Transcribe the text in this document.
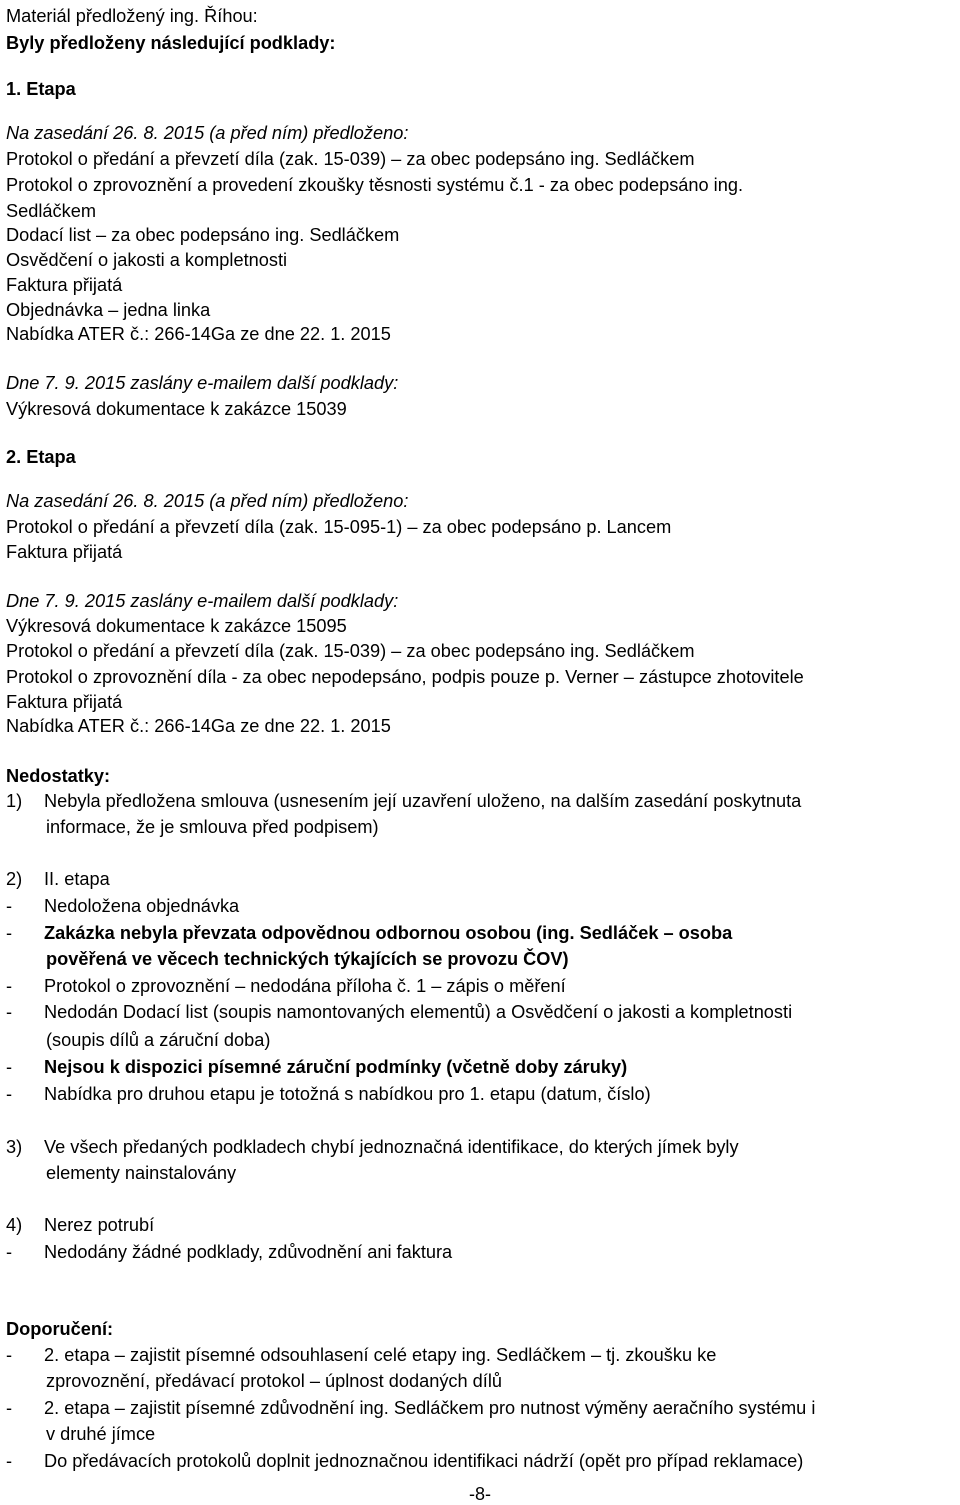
Materiál předložený ing. Říhou:
Byly předloženy následující podklady:
1. Etapa
Na zasedání 26. 8. 2015 (a před ním) předloženo:
Protokol o předání a převzetí díla (zak. 15-039) – za obec podepsáno ing. Sedláčkem
Protokol o zprovoznění a provedení zkoušky těsnosti systému č.1 - za obec podepsáno ing.
Sedláčkem
Dodací list – za obec podepsáno ing. Sedláčkem
Osvědčení o jakosti a kompletnosti
Faktura přijatá
Objednávka – jedna linka
Nabídka ATER č.: 266-14Ga ze dne 22. 1. 2015
Dne 7. 9. 2015 zaslány e-mailem další podklady:
Výkresová dokumentace k zakázce 15039
2. Etapa
Na zasedání 26. 8. 2015 (a před ním) předloženo:
Protokol o předání a převzetí díla (zak. 15-095-1) – za obec podepsáno p. Lancem
Faktura přijatá
Dne 7. 9. 2015 zaslány e-mailem další podklady:
Výkresová dokumentace k zakázce 15095
Protokol o předání a převzetí díla (zak. 15-039) – za obec podepsáno ing. Sedláčkem
Protokol o zprovoznění díla - za obec nepodepsáno, podpis pouze p. Verner – zástupce zhotovitele
Faktura přijatá
Nabídka ATER č.: 266-14Ga ze dne 22. 1. 2015
Nedostatky:
1) Nebyla předložena smlouva (usnesením její uzavření uloženo, na dalším zasedání poskytnuta
informace, že je smlouva před podpisem)
2) II. etapa
- Nedoložena objednávka
- Zakázka nebyla převzata odpovědnou odbornou osobou (ing. Sedláček – osoba
pověřená ve věcech technických týkajících se provozu ČOV)
- Protokol o zprovoznění – nedodána příloha č. 1 – zápis o měření
- Nedodán Dodací list (soupis namontovaných elementů) a Osvědčení o jakosti a kompletnosti
(soupis dílů a záruční doba)
- Nejsou k dispozici písemné záruční podmínky (včetně doby záruky)
- Nabídka pro druhou etapu je totožná s nabídkou pro 1. etapu (datum, číslo)
3) Ve všech předaných podkladech chybí jednoznačná identifikace, do kterých jímek byly
elementy nainstalovány
4) Nerez potrubí
- Nedodány žádné podklady, zdůvodnění ani faktura
Doporučení:
- 2. etapa – zajistit písemné odsouhlasení celé etapy ing. Sedláčkem – tj. zkoušku ke
zprovoznění, předávací protokol – úplnost dodaných dílů
- 2. etapa – zajistit písemné zdůvodnění ing. Sedláčkem pro nutnost výměny aeračního systému i
v druhé jímce
- Do předávacích protokolů doplnit jednoznačnou identifikaci nádrží (opět pro případ reklamace)
-8-
